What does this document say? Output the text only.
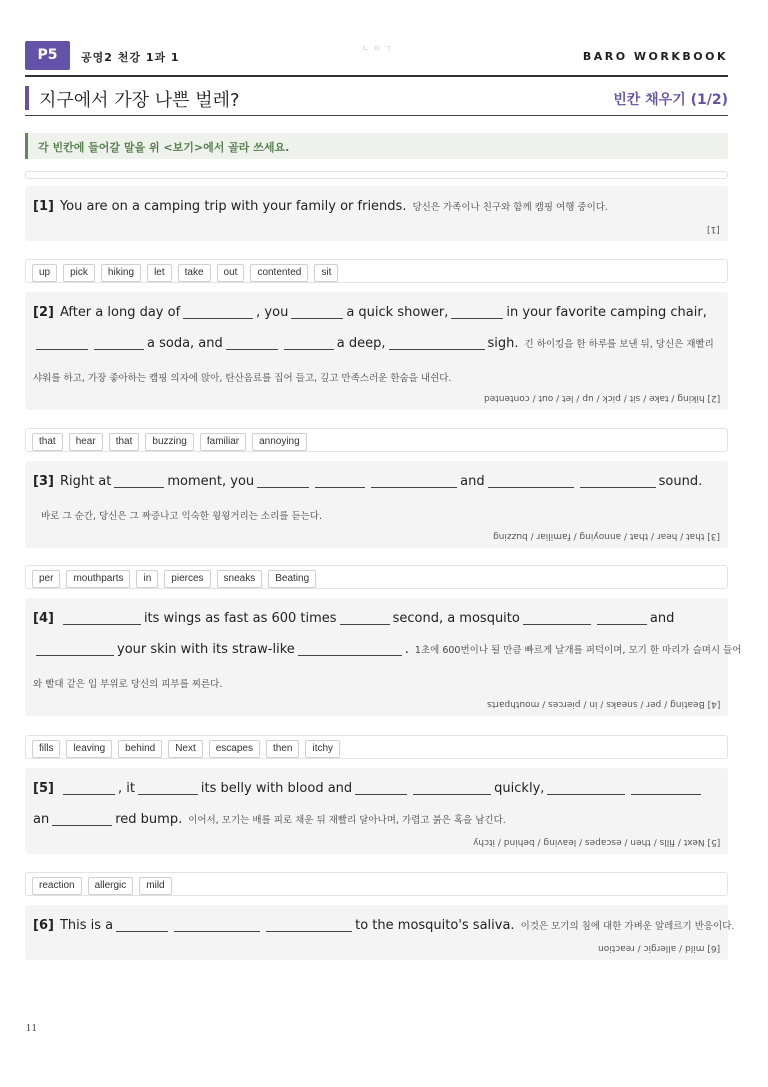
P5	공영2 천강 1과 1
ㄴㅇㄱ
BARO WORKBOOK
지구에서 가장 나쁜 벌레?	빈칸 채우기 (1/2)
각 빈칸에 들어갈 말을 위 <보기>에서 골라 쓰세요.
[1] You are on a camping trip with your family or friends. 당신은 가족이나 친구와 함께 캠핑 여행 중이다.
[1]
up pick hiking let take out contented sit
[2] After a long day of	, you	a quick shower,	in your favorite camping chair,
a soda, and	a deep,	sigh. 긴 하이킹을 한 하루를 보낸 뒤, 당신은 재빨리
샤워를 하고, 가장 좋아하는 캠핑 의자에 앉아, 탄산음료를 집어 들고, 깊고 만족스러운 한숨을 내쉰다.
[2] hiking / take / sit / pick / up / let / out / contented
that hear that buzzing familiar annoying
[3] Right at	moment, you	and	sound.
바로 그 순간, 당신은 그 짜증나고 익숙한 윙윙거리는 소리를 듣는다.
[3] that / hear / that / annoying / familiar / buzzing
per mouthparts in pierces sneaks Beating
[4]	its wings as fast as 600 times	second, a mosquito	and
your skin with its straw-like	. 1초에 600번이나 될 만큼 빠르게 날개를 퍼덕이며, 모기 한 마리가 슬며시 들어
와 빨대 같은 입 부위로 당신의 피부를 찌른다.
[4] Beating / per / sneaks / in / pierces / mouthparts
fills leaving behind Next escapes then itchy
[5]	, it	its belly with blood and	quickly,
an	red bump. 이어서, 모기는 배를 피로 채운 뒤 재빨리 달아나며, 가렵고 붉은 혹을 남긴다.
[5] Next / fills / then / escapes / leaving / behind / itchy
reaction allergic mild
[6] This is a	to the mosquito's saliva. 이것은 모기의 침에 대한 가벼운 알레르기 반응이다.
[6] mild / allergic / reaction
11
